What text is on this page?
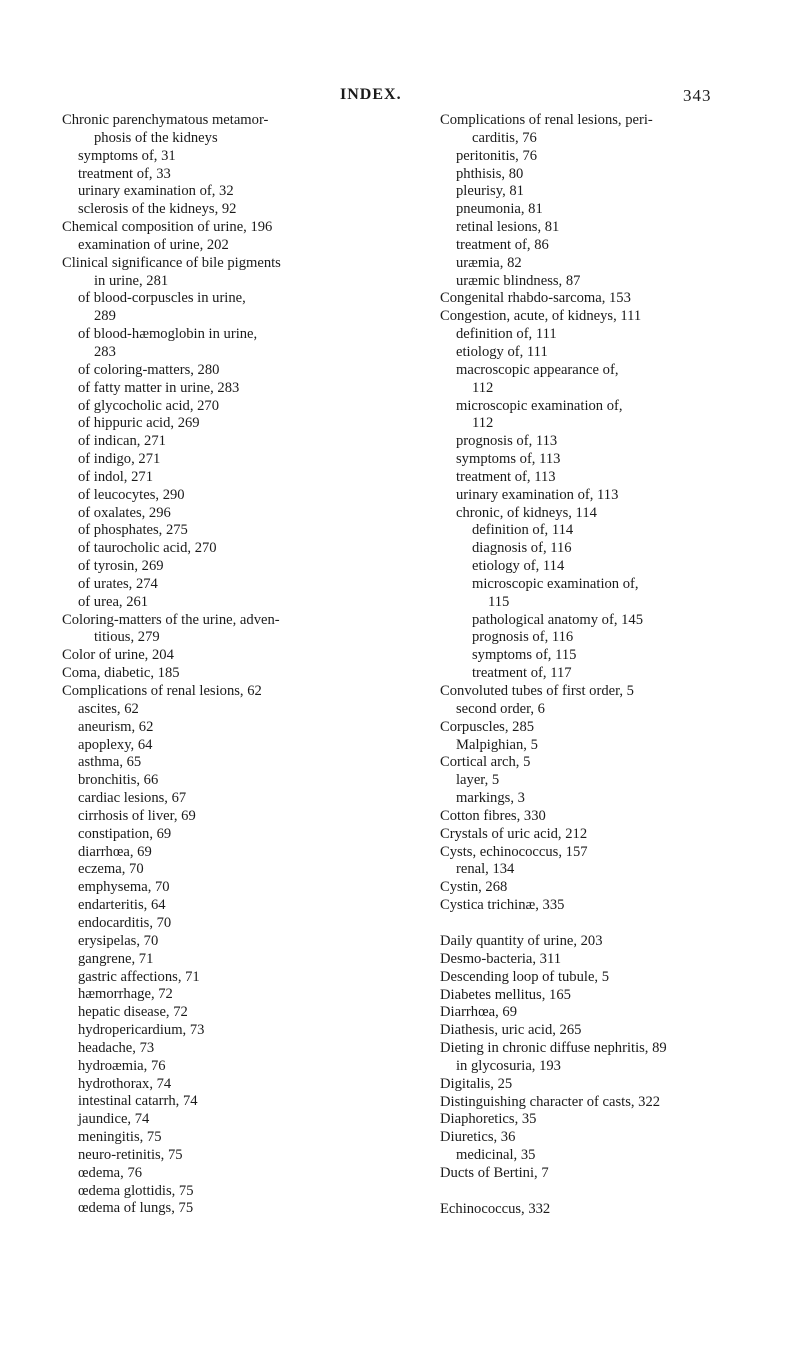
INDEX.	343
Chronic parenchymatous metamor-
phosis of the kidneys
symptoms of, 31
treatment of, 33
urinary examination of, 32
sclerosis of the kidneys, 92
Chemical composition of urine, 196
examination of urine, 202
Clinical significance of bile pigments
in urine, 281
of blood-corpuscles in urine,
289
of blood-hæmoglobin in urine,
283
of coloring-matters, 280
of fatty matter in urine, 283
of glycocholic acid, 270
of hippuric acid, 269
of indican, 271
of indigo, 271
of indol, 271
of leucocytes, 290
of oxalates, 296
of phosphates, 275
of taurocholic acid, 270
of tyrosin, 269
of urates, 274
of urea, 261
Coloring-matters of the urine, adven-
titious, 279
Color of urine, 204
Coma, diabetic, 185
Complications of renal lesions, 62
ascites, 62
aneurism, 62
apoplexy, 64
asthma, 65
bronchitis, 66
cardiac lesions, 67
cirrhosis of liver, 69
constipation, 69
diarrhœa, 69
eczema, 70
emphysema, 70
endarteritis, 64
endocarditis, 70
erysipelas, 70
gangrene, 71
gastric affections, 71
hæmorrhage, 72
hepatic disease, 72
hydropericardium, 73
headache, 73
hydroæmia, 76
hydrothorax, 74
intestinal catarrh, 74
jaundice, 74
meningitis, 75
neuro-retinitis, 75
œdema, 76
œdema glottidis, 75
œdema of lungs, 75
Complications of renal lesions, peri-
carditis, 76
peritonitis, 76
phthisis, 80
pleurisy, 81
pneumonia, 81
retinal lesions, 81
treatment of, 86
uræmia, 82
uræmic blindness, 87
Congenital rhabdo-sarcoma, 153
Congestion, acute, of kidneys, 111
definition of, 111
etiology of, 111
macroscopic appearance of,
112
microscopic examination of,
112
prognosis of, 113
symptoms of, 113
treatment of, 113
urinary examination of, 113
chronic, of kidneys, 114
definition of, 114
diagnosis of, 116
etiology of, 114
microscopic examination of,
115
pathological anatomy of, 145
prognosis of, 116
symptoms of, 115
treatment of, 117
Convoluted tubes of first order, 5
second order, 6
Corpuscles, 285
Malpighian, 5
Cortical arch, 5
layer, 5
markings, 3
Cotton fibres, 330
Crystals of uric acid, 212
Cysts, echinococcus, 157
renal, 134
Cystin, 268
Cystica trichinæ, 335
Daily quantity of urine, 203
Desmo-bacteria, 311
Descending loop of tubule, 5
Diabetes mellitus, 165
Diarrhœa, 69
Diathesis, uric acid, 265
Dieting in chronic diffuse nephritis, 89
in glycosuria, 193
Digitalis, 25
Distinguishing character of casts, 322
Diaphoretics, 35
Diuretics, 36
medicinal, 35
Ducts of Bertini, 7
Echinococcus, 332
